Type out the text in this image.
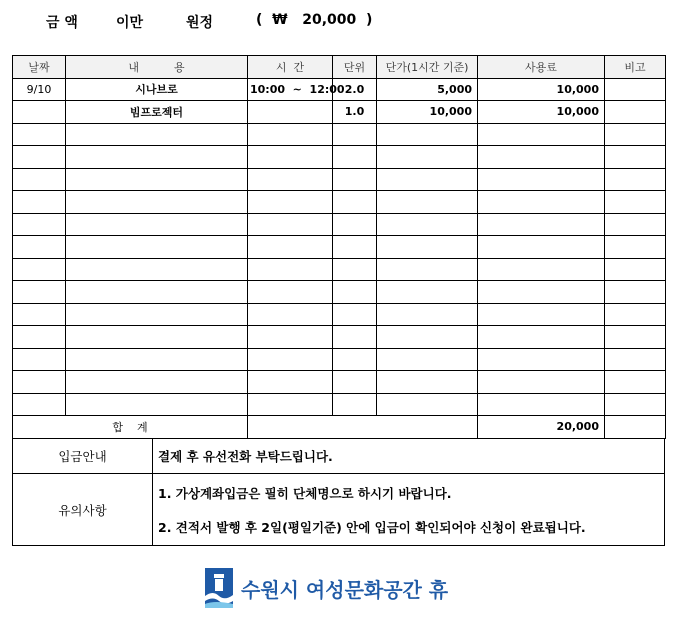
금 액	이만	원정	(  ₩   20,000  )
날짜	내          용	시  간	단위	단가(1시간 기준)	사용료	비고
9/10	시나브로	10:00  ~  12:00	2.0	5,000	10,000	
	빔프로젝터		1.0	10,000	10,000	

합    계					20,000	
입금안내	결제 후 유선전화 부탁드립니다.
유의사항	1. 가상계좌입금은 필히 단체명으로 하시기 바랍니다.
2. 견적서 발행 후 2일(평일기준) 안에 입금이 확인되어야 신청이 완료됩니다.
수원시 여성문화공간 휴
